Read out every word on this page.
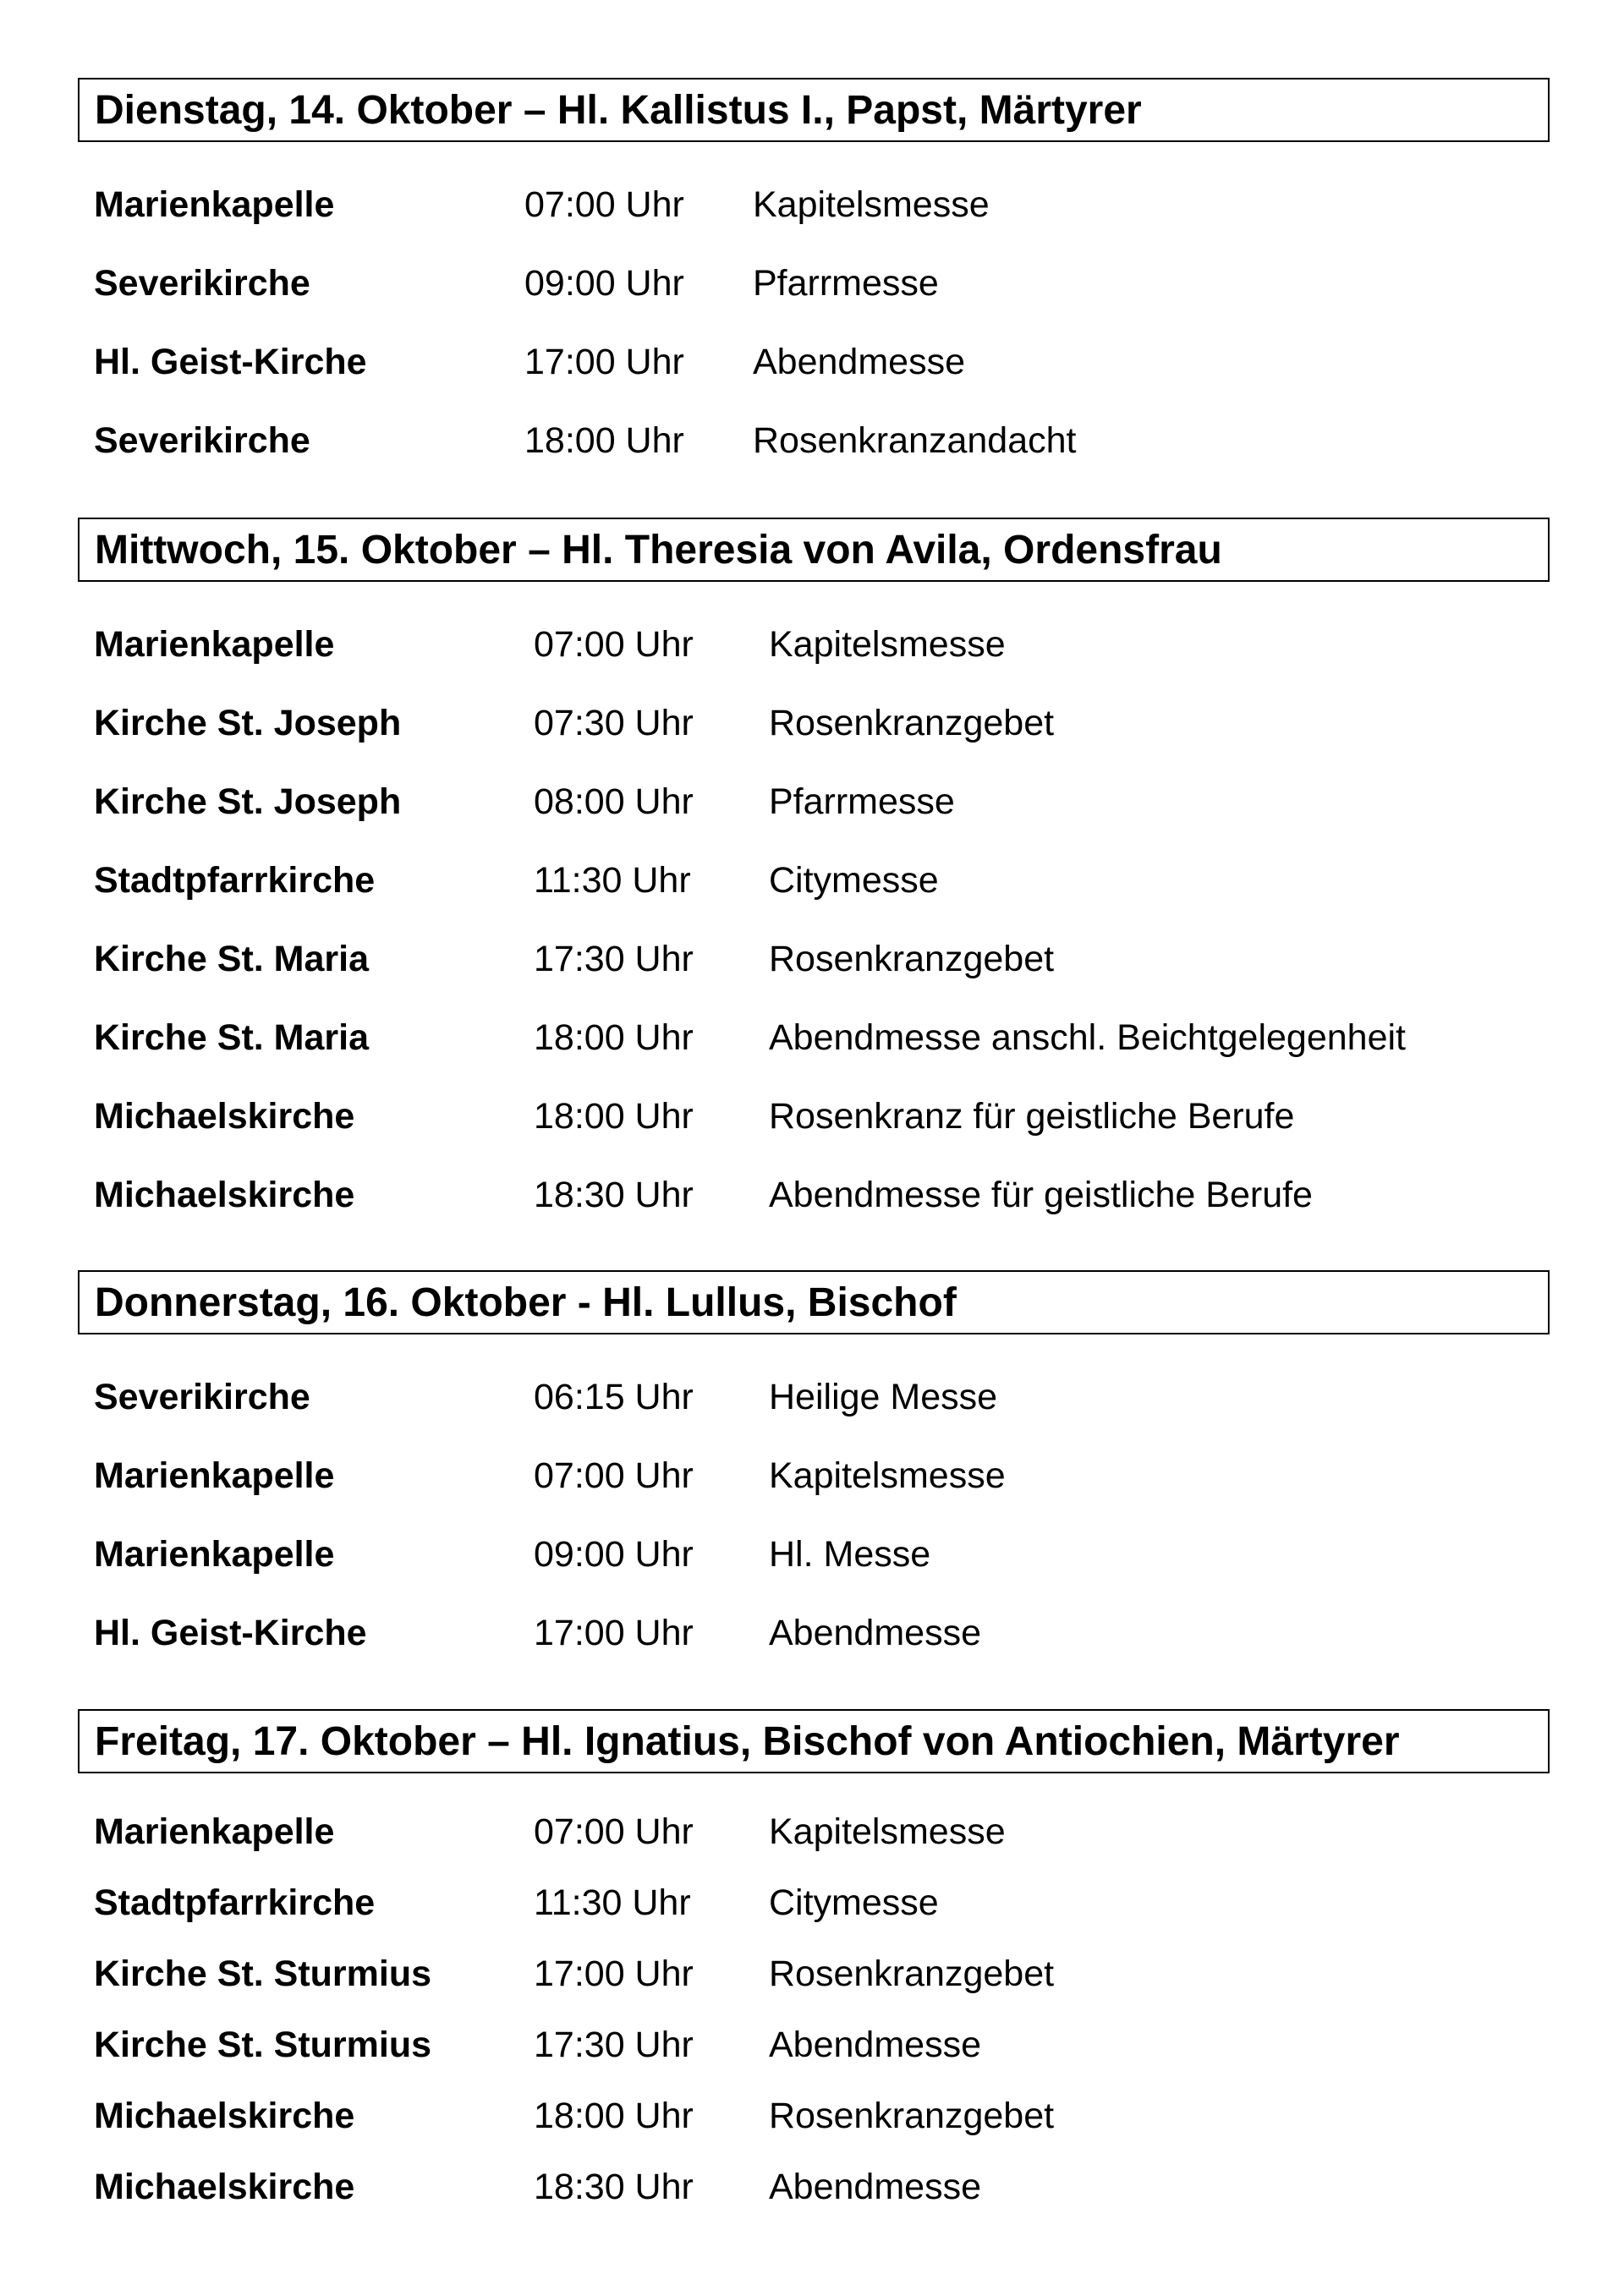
Dienstag, 14. Oktober – Hl. Kallistus I., Papst, Märtyrer
Marienkapelle	07:00 Uhr Kapitelsmesse
Severikirche	09:00 Uhr Pfarrmesse
Hl. Geist-Kirche	17:00 Uhr Abendmesse
Severikirche	18:00 Uhr Rosenkranzandacht
Mittwoch, 15. Oktober – Hl. Theresia von Avila, Ordensfrau
Marienkapelle	07:00 Uhr Kapitelsmesse
Kirche St. Joseph	07:30 Uhr Rosenkranzgebet
Kirche St. Joseph	08:00 Uhr Pfarrmesse
Stadtpfarrkirche	11:30 Uhr Citymesse
Kirche St. Maria	17:30 Uhr Rosenkranzgebet
Kirche St. Maria	18:00 Uhr Abendmesse anschl. Beichtgelegenheit
Michaelskirche	18:00 Uhr Rosenkranz für geistliche Berufe
Michaelskirche	18:30 Uhr Abendmesse für geistliche Berufe
Donnerstag, 16. Oktober - Hl. Lullus, Bischof
Severikirche	06:15 Uhr Heilige Messe
Marienkapelle	07:00 Uhr Kapitelsmesse
Marienkapelle	09:00 Uhr Hl. Messe
Hl. Geist-Kirche	17:00 Uhr Abendmesse
Freitag, 17. Oktober – Hl. Ignatius, Bischof von Antiochien, Märtyrer
Marienkapelle	07:00 Uhr Kapitelsmesse
Stadtpfarrkirche	11:30 Uhr Citymesse
Kirche St. Sturmius	17:00 Uhr Rosenkranzgebet
Kirche St. Sturmius	17:30 Uhr Abendmesse
Michaelskirche	18:00 Uhr Rosenkranzgebet
Michaelskirche	18:30 Uhr Abendmesse
